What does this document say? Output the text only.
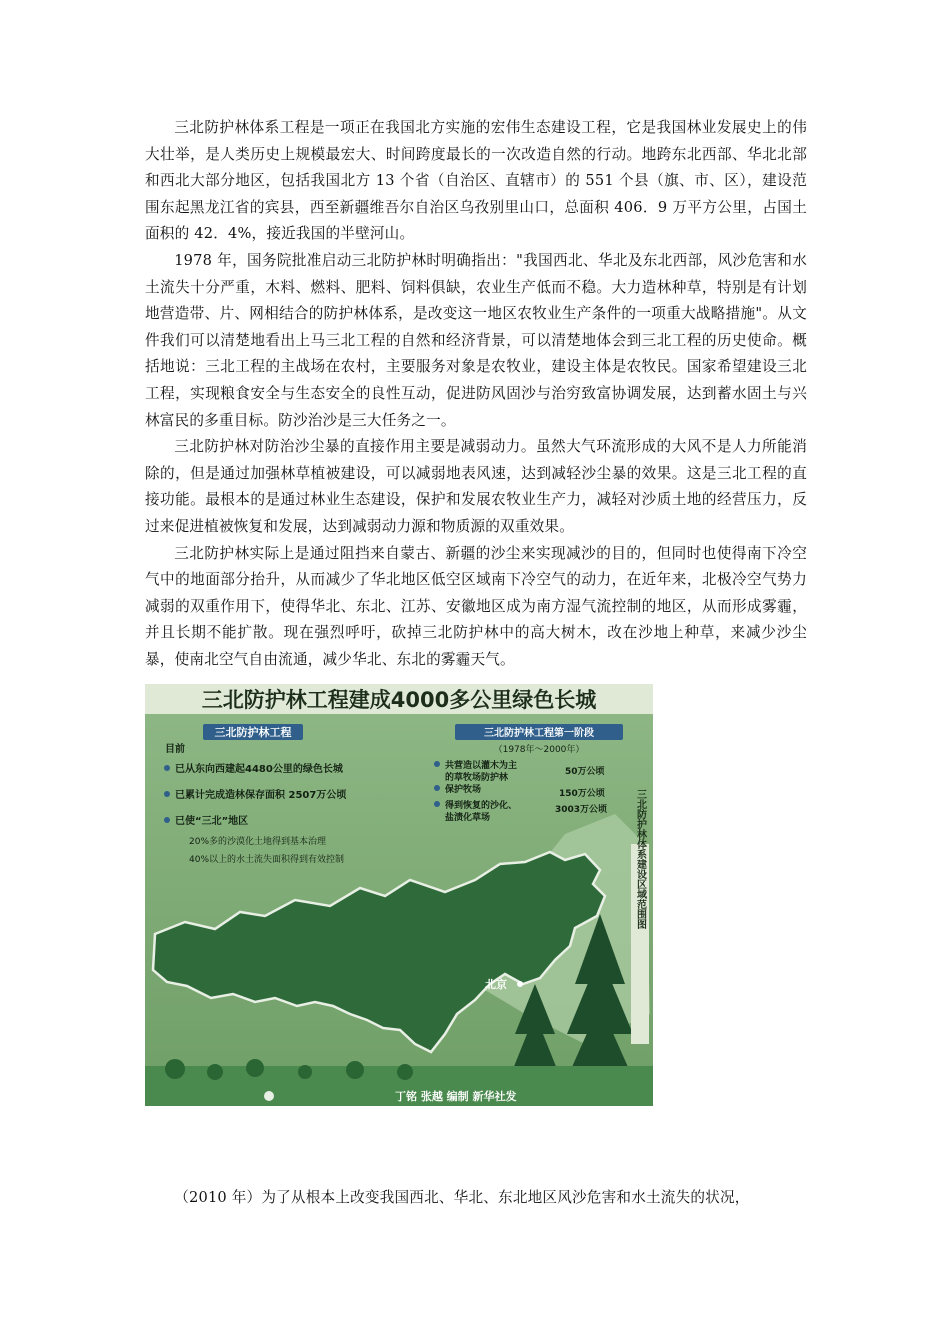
三北防护林体系工程是一项正在我国北方实施的宏伟生态建设工程，它是我国林业发展史上的伟大壮举，是人类历史上规模最宏大、时间跨度最长的一次改造自然的行动。地跨东北西部、华北北部和西北大部分地区，包括我国北方 13 个省（自治区、直辖市）的 551 个县（旗、市、区），建设范围东起黑龙江省的宾县，西至新疆维吾尔自治区乌孜别里山口，总面积 406．9 万平方公里，占国土面积的 42．4%，接近我国的半壁河山。

1978 年，国务院批准启动三北防护林时明确指出："我国西北、华北及东北西部，风沙危害和水土流失十分严重，木料、燃料、肥料、饲料俱缺，农业生产低而不稳。大力造林种草，特别是有计划地营造带、片、网相结合的防护林体系，是改变这一地区农牧业生产条件的一项重大战略措施"。从文件我们可以清楚地看出上马三北工程的自然和经济背景，可以清楚地体会到三北工程的历史使命。概括地说：三北工程的主战场在农村，主要服务对象是农牧业，建设主体是农牧民。国家希望建设三北工程，实现粮食安全与生态安全的良性互动，促进防风固沙与治穷致富协调发展，达到蓄水固土与兴林富民的多重目标。防沙治沙是三大任务之一。

三北防护林对防治沙尘暴的直接作用主要是减弱动力。虽然大气环流形成的大风不是人力所能消除的，但是通过加强林草植被建设，可以减弱地表风速，达到减轻沙尘暴的效果。这是三北工程的直接功能。最根本的是通过林业生态建设，保护和发展农牧业生产力，减轻对沙质土地的经营压力，反过来促进植被恢复和发展，达到减弱动力源和物质源的双重效果。

三北防护林实际上是通过阻挡来自蒙古、新疆的沙尘来实现减沙的目的，但同时也使得南下冷空气中的地面部分抬升，从而减少了华北地区低空区域南下冷空气的动力，在近年来，北极冷空气势力减弱的双重作用下，使得华北、东北、江苏、安徽地区成为南方湿气流控制的地区，从而形成雾霾，并且长期不能扩散。现在强烈呼吁，砍掉三北防护林中的高大树木，改在沙地上种草，来减少沙尘暴，使南北空气自由流通，减少华北、东北的雾霾天气。

三北防护林工程建成4000多公里绿色长城
三北防护林工程
目前
已从东向西建起4480公里的绿色长城
已累计完成造林保存面积 2507万公顷
已使“三北”地区
20%多的沙漠化土地得到基本治理
40%以上的水土流失面积得到有效控制
三北防护林工程第一阶段
（1978年～2000年）
共营造以灌木为主
的草牧场防护林
50万公顷
保护牧场	150万公顷
得到恢复的沙化、
盐渍化草场
3003万公顷
北京
三北防护林体系建设区域范围图
丁铭 张越 编制 新华社发

（2010 年）为了从根本上改变我国西北、华北、东北地区风沙危害和水土流失的状况，
